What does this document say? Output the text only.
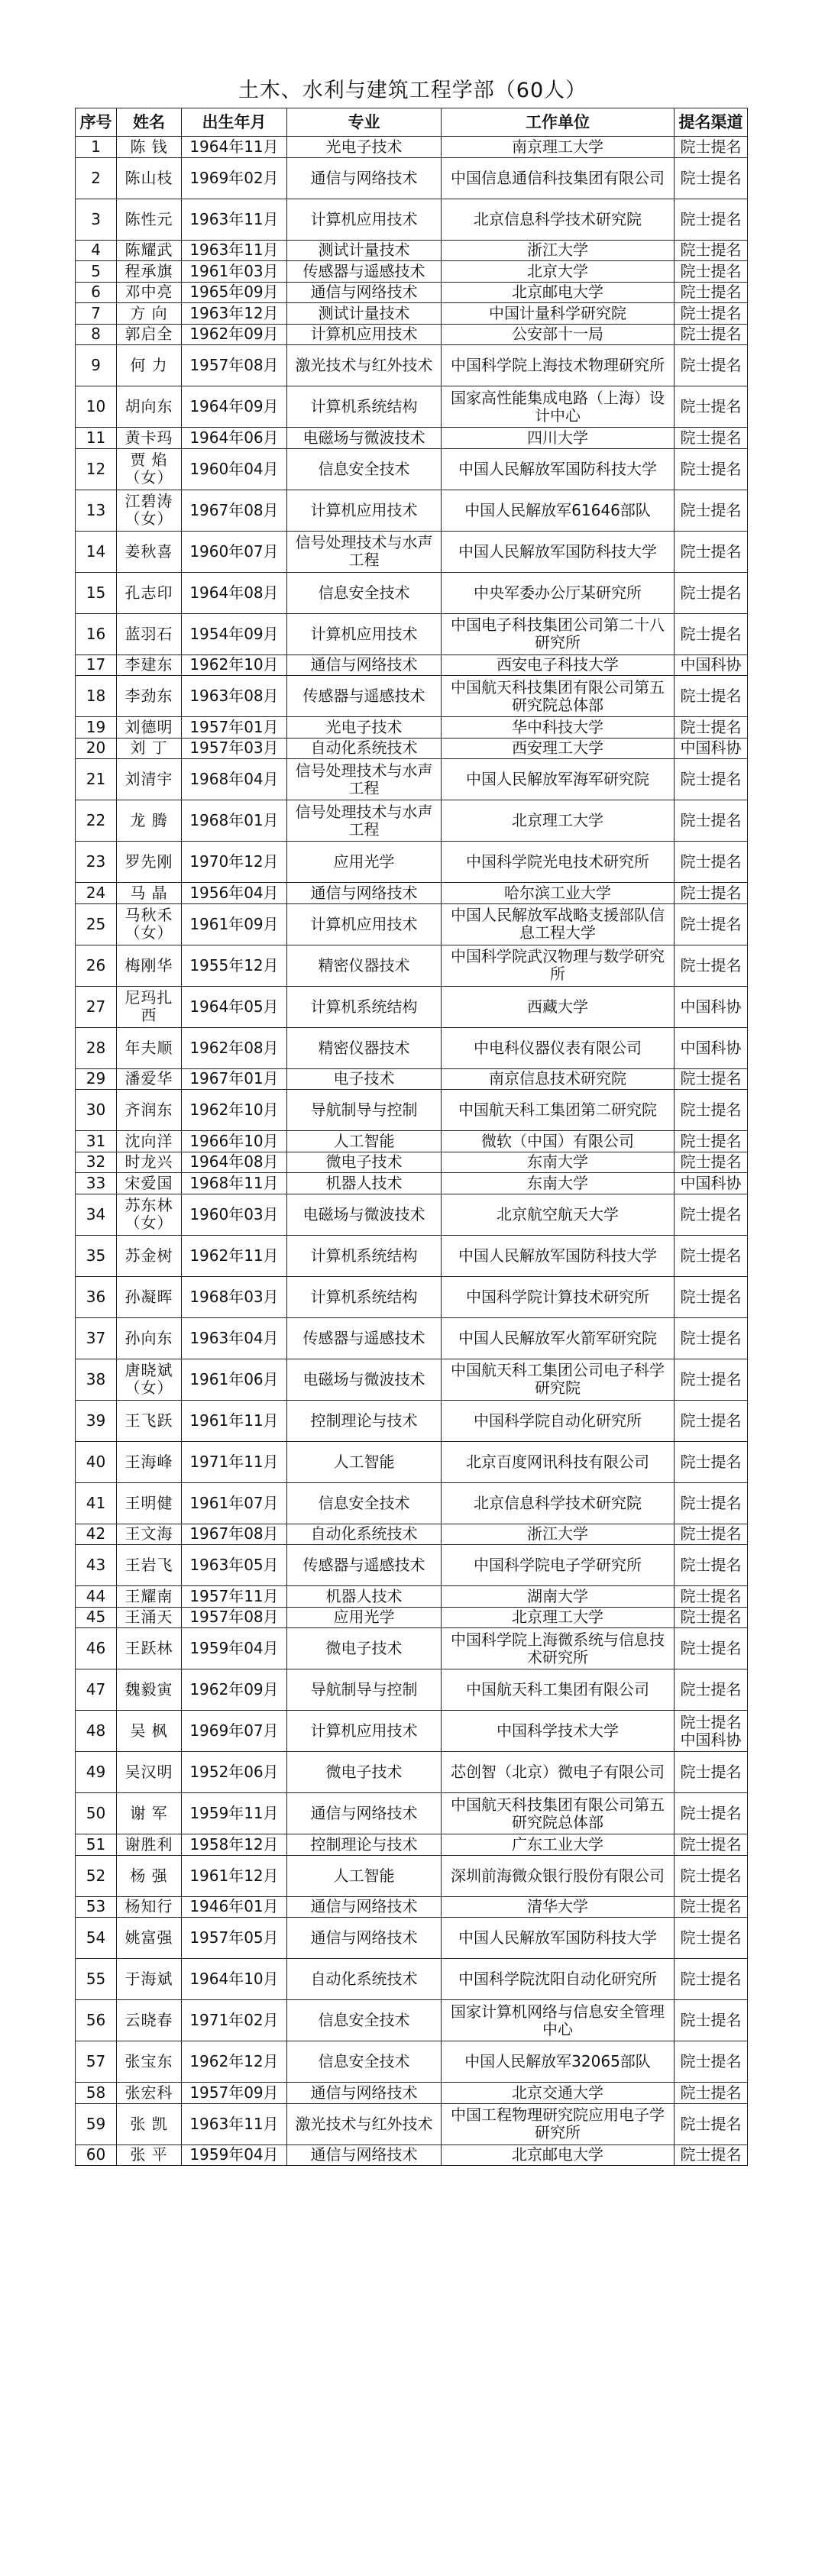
土木、水利与建筑工程学部（60人）
序号	姓名	出生年月	专业	工作单位	提名渠道
1	陈 钱	1964年11月	光电子技术	南京理工大学	院士提名
2	陈山枝	1969年02月	通信与网络技术	中国信息通信科技集团有限公司	院士提名
3	陈性元	1963年11月	计算机应用技术	北京信息科学技术研究院	院士提名
4	陈耀武	1963年11月	测试计量技术	浙江大学	院士提名
5	程承旗	1961年03月	传感器与遥感技术	北京大学	院士提名
6	邓中亮	1965年09月	通信与网络技术	北京邮电大学	院士提名
7	方 向	1963年12月	测试计量技术	中国计量科学研究院	院士提名
8	郭启全	1962年09月	计算机应用技术	公安部十一局	院士提名
9	何 力	1957年08月	激光技术与红外技术	中国科学院上海技术物理研究所	院士提名
10	胡向东	1964年09月	计算机系统结构	国家高性能集成电路（上海）设计中心	院士提名
11	黄卡玛	1964年06月	电磁场与微波技术	四川大学	院士提名
12	贾 焰（女）	1960年04月	信息安全技术	中国人民解放军国防科技大学	院士提名
13	江碧涛（女）	1967年08月	计算机应用技术	中国人民解放军61646部队	院士提名
14	姜秋喜	1960年07月	信号处理技术与水声工程	中国人民解放军国防科技大学	院士提名
15	孔志印	1964年08月	信息安全技术	中央军委办公厅某研究所	院士提名
16	蓝羽石	1954年09月	计算机应用技术	中国电子科技集团公司第二十八研究所	院士提名
17	李建东	1962年10月	通信与网络技术	西安电子科技大学	中国科协
18	李劲东	1963年08月	传感器与遥感技术	中国航天科技集团有限公司第五研究院总体部	院士提名
19	刘德明	1957年01月	光电子技术	华中科技大学	院士提名
20	刘 丁	1957年03月	自动化系统技术	西安理工大学	中国科协
21	刘清宇	1968年04月	信号处理技术与水声工程	中国人民解放军海军研究院	院士提名
22	龙 腾	1968年01月	信号处理技术与水声工程	北京理工大学	院士提名
23	罗先刚	1970年12月	应用光学	中国科学院光电技术研究所	院士提名
24	马 晶	1956年04月	通信与网络技术	哈尔滨工业大学	院士提名
25	马秋禾（女）	1961年09月	计算机应用技术	中国人民解放军战略支援部队信息工程大学	院士提名
26	梅刚华	1955年12月	精密仪器技术	中国科学院武汉物理与数学研究所	院士提名
27	尼玛扎西	1964年05月	计算机系统结构	西藏大学	中国科协
28	年夫顺	1962年08月	精密仪器技术	中电科仪器仪表有限公司	中国科协
29	潘爱华	1967年01月	电子技术	南京信息技术研究院	院士提名
30	齐润东	1962年10月	导航制导与控制	中国航天科工集团第二研究院	院士提名
31	沈向洋	1966年10月	人工智能	微软（中国）有限公司	院士提名
32	时龙兴	1964年08月	微电子技术	东南大学	院士提名
33	宋爱国	1968年11月	机器人技术	东南大学	中国科协
34	苏东林（女）	1960年03月	电磁场与微波技术	北京航空航天大学	院士提名
35	苏金树	1962年11月	计算机系统结构	中国人民解放军国防科技大学	院士提名
36	孙凝晖	1968年03月	计算机系统结构	中国科学院计算技术研究所	院士提名
37	孙向东	1963年04月	传感器与遥感技术	中国人民解放军火箭军研究院	院士提名
38	唐晓斌（女）	1961年06月	电磁场与微波技术	中国航天科工集团公司电子科学研究院	院士提名
39	王飞跃	1961年11月	控制理论与技术	中国科学院自动化研究所	院士提名
40	王海峰	1971年11月	人工智能	北京百度网讯科技有限公司	院士提名
41	王明健	1961年07月	信息安全技术	北京信息科学技术研究院	院士提名
42	王文海	1967年08月	自动化系统技术	浙江大学	院士提名
43	王岩飞	1963年05月	传感器与遥感技术	中国科学院电子学研究所	院士提名
44	王耀南	1957年11月	机器人技术	湖南大学	院士提名
45	王涌天	1957年08月	应用光学	北京理工大学	院士提名
46	王跃林	1959年04月	微电子技术	中国科学院上海微系统与信息技术研究所	院士提名
47	魏毅寅	1962年09月	导航制导与控制	中国航天科工集团有限公司	院士提名
48	吴 枫	1969年07月	计算机应用技术	中国科学技术大学	院士提名中国科协
49	吴汉明	1952年06月	微电子技术	芯创智（北京）微电子有限公司	院士提名
50	谢 军	1959年11月	通信与网络技术	中国航天科技集团有限公司第五研究院总体部	院士提名
51	谢胜利	1958年12月	控制理论与技术	广东工业大学	院士提名
52	杨 强	1961年12月	人工智能	深圳前海微众银行股份有限公司	院士提名
53	杨知行	1946年01月	通信与网络技术	清华大学	院士提名
54	姚富强	1957年05月	通信与网络技术	中国人民解放军国防科技大学	院士提名
55	于海斌	1964年10月	自动化系统技术	中国科学院沈阳自动化研究所	院士提名
56	云晓春	1971年02月	信息安全技术	国家计算机网络与信息安全管理中心	院士提名
57	张宝东	1962年12月	信息安全技术	中国人民解放军32065部队	院士提名
58	张宏科	1957年09月	通信与网络技术	北京交通大学	院士提名
59	张 凯	1963年11月	激光技术与红外技术	中国工程物理研究院应用电子学研究所	院士提名
60	张 平	1959年04月	通信与网络技术	北京邮电大学	院士提名
